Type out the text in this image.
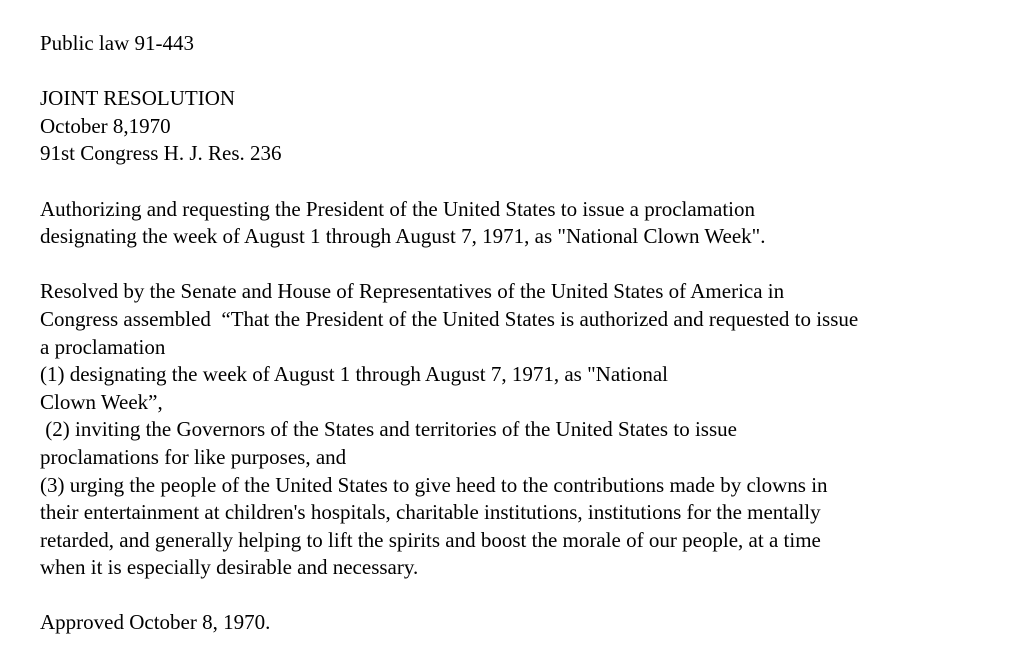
Public law 91-443
JOINT RESOLUTION
October 8,1970
91st Congress H. J. Res. 236
Authorizing and requesting the President of the United States to issue a proclamation
designating the week of August 1 through August 7, 1971, as "National Clown Week".
Resolved by the Senate and House of Representatives of the United States of America in
Congress assembled  “That the President of the United States is authorized and requested to issue
a proclamation
(1) designating the week of August 1 through August 7, 1971, as "National
Clown Week”,
(2) inviting the Governors of the States and territories of the United States to issue
proclamations for like purposes, and
(3) urging the people of the United States to give heed to the contributions made by clowns in
their entertainment at children's hospitals, charitable institutions, institutions for the mentally
retarded, and generally helping to lift the spirits and boost the morale of our people, at a time
when it is especially desirable and necessary.
Approved October 8, 1970.
